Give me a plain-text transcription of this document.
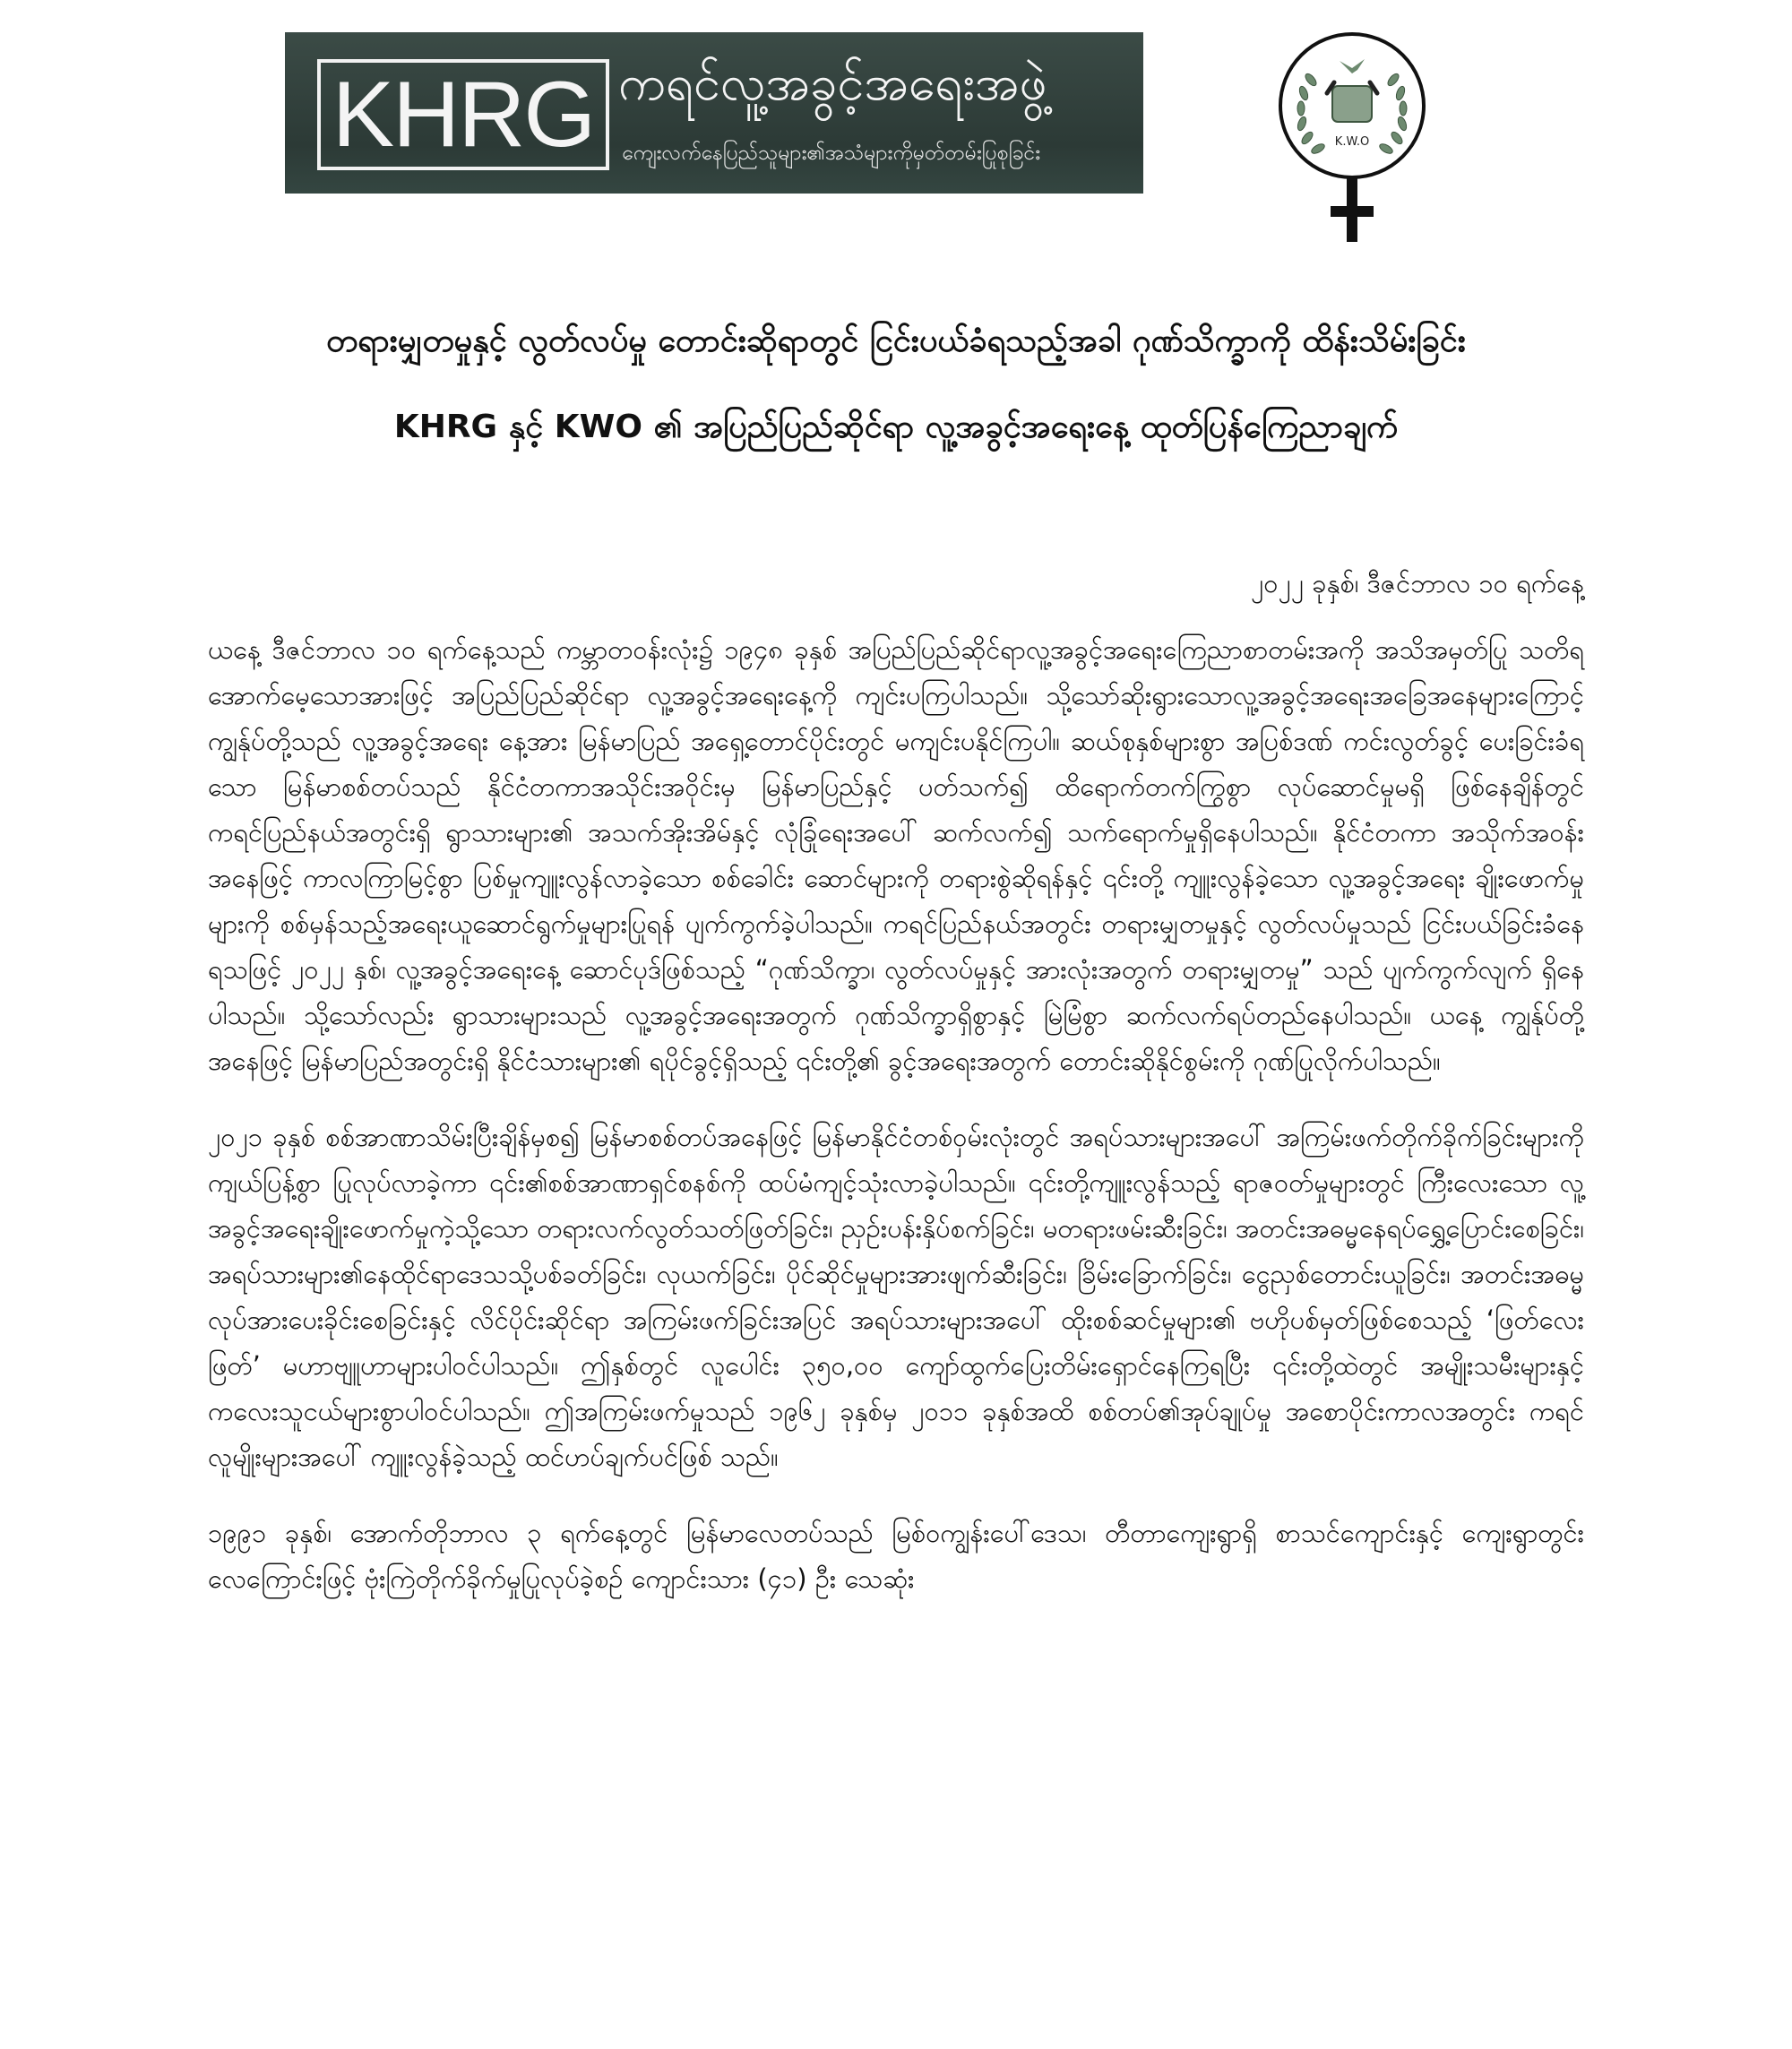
KHRG ကရင်လူ့အခွင့်အရေးအဖွဲ့
ကျေးလက်နေပြည်သူများ၏အသံများကိုမှတ်တမ်းပြုစုခြင်း	K.W.O
တရားမျှတမှုနှင့် လွတ်လပ်မှု တောင်းဆိုရာတွင် ငြင်းပယ်ခံရသည့်အခါ ဂုဏ်သိက္ခာကို ထိန်းသိမ်းခြင်း
KHRG နှင့် KWO ၏ အပြည်ပြည်ဆိုင်ရာ လူ့အခွင့်အရေးနေ့ ထုတ်ပြန်ကြေညာချက်
၂၀၂၂ ခုနှစ်၊ ဒီဇင်ဘာလ ၁၀ ရက်နေ့

ယနေ့ ဒီဇင်ဘာလ ၁၀ ရက်နေ့သည် ကမ္ဘာတဝန်းလုံး၌ ၁၉၄၈ ခုနှစ် အပြည်ပြည်ဆိုင်ရာလူ့အခွင့်အရေးကြေညာစာတမ်းအကို အသိအမှတ်ပြု သတိရအောက်မေ့သောအားဖြင့် အပြည်ပြည်ဆိုင်ရာ လူ့အခွင့်အရေးနေ့ကို ကျင်းပကြပါသည်။ သို့သော်ဆိုးရွားသောလူ့အခွင့်အရေးအခြေအနေများကြောင့် ကျွန်ုပ်တို့သည် လူ့အခွင့်အရေး နေ့အား မြန်မာပြည် အရှေ့တောင်ပိုင်းတွင် မကျင်းပနိုင်ကြပါ။ ဆယ်စုနှစ်များစွာ အပြစ်ဒဏ် ကင်းလွတ်ခွင့် ပေးခြင်းခံရသော မြန်မာစစ်တပ်သည် နိုင်ငံတကာအသိုင်းအဝိုင်းမှ မြန်မာပြည်နှင့် ပတ်သက်၍ ထိရောက်တက်ကြွစွာ လုပ်ဆောင်မှုမရှိ ဖြစ်နေချိန်တွင် ကရင်ပြည်နယ်အတွင်းရှိ ရွာသားများ၏ အသက်အိုးအိမ်နှင့် လုံခြုံရေးအပေါ် ဆက်လက်၍ သက်ရောက်မှုရှိနေပါသည်။ နိုင်ငံတကာ အသိုက်အဝန်းအနေဖြင့် ကာလကြာမြင့်စွာ ပြစ်မှုကျူးလွန်လာခဲ့သော စစ်ခေါင်း ဆောင်များကို တရားစွဲဆိုရန်နှင့် ၎င်းတို့ ကျူးလွန်ခဲ့သော လူ့အခွင့်အရေး ချိုးဖောက်မှုများကို စစ်မှန်သည့်အရေးယူဆောင်ရွက်မှုများပြုရန် ပျက်ကွက်ခဲ့ပါသည်။ ကရင်ပြည်နယ်အတွင်း တရားမျှတမှုနှင့် လွတ်လပ်မှုသည် ငြင်းပယ်ခြင်းခံနေရသဖြင့် ၂၀၂၂ နှစ်၊ လူ့အခွင့်အရေးနေ့ ဆောင်ပုဒ်ဖြစ်သည့် “ဂုဏ်သိက္ခာ၊ လွတ်လပ်မှုနှင့် အားလုံးအတွက် တရားမျှတမှု” သည် ပျက်ကွက်လျက် ရှိနေပါသည်။ သို့သော်လည်း ရွာသားများသည် လူ့အခွင့်အရေးအတွက် ဂုဏ်သိက္ခာရှိစွာနှင့် မြဲမြံစွာ ဆက်လက်ရပ်တည်နေပါသည်။ ယနေ့ ကျွန်ုပ်တို့အနေဖြင့် မြန်မာပြည်အတွင်းရှိ နိုင်ငံသားများ၏ ရပိုင်ခွင့်ရှိသည့် ၎င်းတို့၏ ခွင့်အရေးအတွက် တောင်းဆိုနိုင်စွမ်းကို ဂုဏ်ပြုလိုက်ပါသည်။

၂၀၂၁ ခုနှစ် စစ်အာဏာသိမ်းပြီးချိန်မှစ၍ မြန်မာစစ်တပ်အနေဖြင့် မြန်မာနိုင်ငံတစ်ဝှမ်းလုံးတွင် အရပ်သားများအပေါ် အကြမ်းဖက်တိုက်ခိုက်ခြင်းများကို ကျယ်ပြန့်စွာ ပြုလုပ်လာခဲ့ကာ ၎င်း၏စစ်အာဏာရှင်စနစ်ကို ထပ်မံကျင့်သုံးလာခဲ့ပါသည်။ ၎င်းတို့ကျူးလွန်သည့် ရာဇဝတ်မှုများတွင် ကြီးလေးသော လူ့အခွင့်အရေးချိုးဖောက်မှုကဲ့သို့သော တရားလက်လွတ်သတ်ဖြတ်ခြင်း၊ ညှဉ်းပန်းနှိပ်စက်ခြင်း၊ မတရားဖမ်းဆီးခြင်း၊ အတင်းအဓမ္မနေရပ်ရွှေ့ပြောင်းစေခြင်း၊ အရပ်သားများ၏နေထိုင်ရာဒေသသို့ပစ်ခတ်ခြင်း၊ လုယက်ခြင်း၊ ပိုင်ဆိုင်မှုများအားဖျက်ဆီးခြင်း၊ ခြိမ်းခြောက်ခြင်း၊ ငွေညှစ်တောင်းယူခြင်း၊ အတင်းအဓမ္မ လုပ်အားပေးခိုင်းစေခြင်းနှင့် လိင်ပိုင်းဆိုင်ရာ အကြမ်းဖက်ခြင်းအပြင် အရပ်သားများအပေါ် ထိုးစစ်ဆင်မှုများ၏ ဗဟိုပစ်မှတ်ဖြစ်စေသည့် ‘ဖြတ်လေးဖြတ်’ မဟာဗျူဟာများပါဝင်ပါသည်။ ဤနှစ်တွင် လူပေါင်း ၃၅၀,၀၀ ကျော်ထွက်ပြေးတိမ်းရှောင်နေကြရပြီး ၎င်းတို့ထဲတွင် အမျိုးသမီးများနှင့် ကလေးသူငယ်များစွာပါဝင်ပါသည်။ ဤအကြမ်းဖက်မှုသည် ၁၉၆၂ ခုနှစ်မှ ၂၀၁၁ ခုနှစ်အထိ စစ်တပ်၏အုပ်ချုပ်မှု အစောပိုင်းကာလအတွင်း ကရင်လူမျိုးများအပေါ် ကျူးလွန်ခဲ့သည့် ထင်ဟပ်ချက်ပင်ဖြစ် သည်။

၁၉၉၁ ခုနှစ်၊ အောက်တိုဘာလ ၃ ရက်နေ့တွင် မြန်မာလေတပ်သည် မြစ်ဝကျွန်းပေါ်ဒေသ၊ တီတာကျေးရွာရှိ စာသင်ကျောင်းနှင့် ကျေးရွာတွင်း လေကြောင်းဖြင့် ဗုံးကြဲတိုက်ခိုက်မှုပြုလုပ်ခဲ့စဉ် ကျောင်းသား (၄၁) ဦး သေဆုံး
